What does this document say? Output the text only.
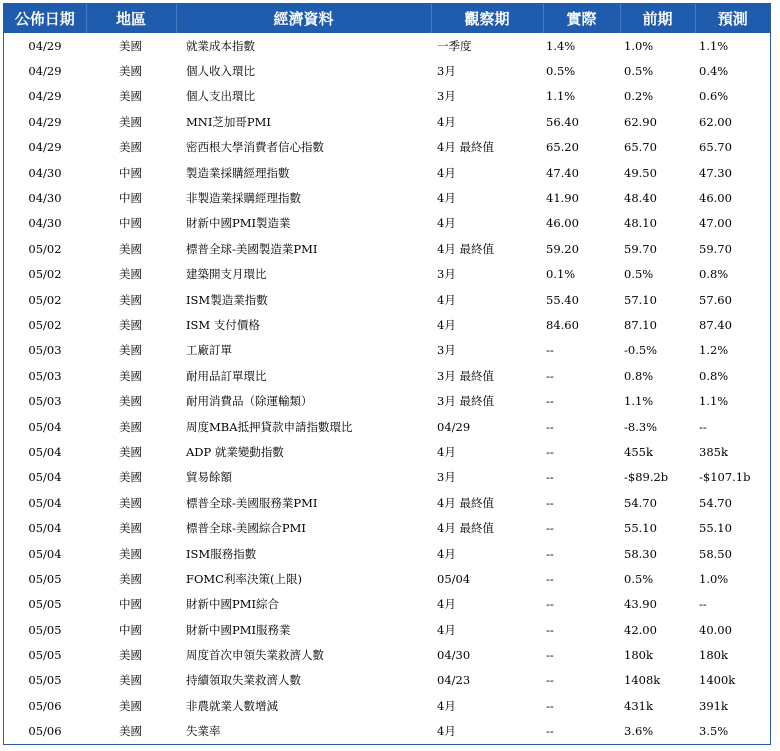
公佈日期	地區	經濟資料	觀察期	實際	前期	預測
04/29	美國	就業成本指數	一季度	1.4%	1.0%	1.1%
04/29	美國	個人收入環比	3月	0.5%	0.5%	0.4%
04/29	美國	個人支出環比	3月	1.1%	0.2%	0.6%
04/29	美國	MNI芝加哥PMI	4月	56.40	62.90	62.00
04/29	美國	密西根大學消費者信心指數	4月 最終值	65.20	65.70	65.70
04/30	中國	製造業採購經理指數	4月	47.40	49.50	47.30
04/30	中國	非製造業採購經理指數	4月	41.90	48.40	46.00
04/30	中國	財新中國PMI製造業	4月	46.00	48.10	47.00
05/02	美國	標普全球-美國製造業PMI	4月 最終值	59.20	59.70	59.70
05/02	美國	建築開支月環比	3月	0.1%	0.5%	0.8%
05/02	美國	ISM製造業指數	4月	55.40	57.10	57.60
05/02	美國	ISM 支付價格	4月	84.60	87.10	87.40
05/03	美國	工廠訂單	3月	--	-0.5%	1.2%
05/03	美國	耐用品訂單環比	3月 最終值	--	0.8%	0.8%
05/03	美國	耐用消費品（除運輸類）	3月 最終值	--	1.1%	1.1%
05/04	美國	周度MBA抵押貸款申請指數環比	04/29	--	-8.3%	--
05/04	美國	ADP 就業變動指數	4月	--	455k	385k
05/04	美國	貿易餘額	3月	--	-$89.2b	-$107.1b
05/04	美國	標普全球-美國服務業PMI	4月 最終值	--	54.70	54.70
05/04	美國	標普全球-美國綜合PMI	4月 最終值	--	55.10	55.10
05/04	美國	ISM服務指數	4月	--	58.30	58.50
05/05	美國	FOMC利率決策(上限)	05/04	--	0.5%	1.0%
05/05	中國	財新中國PMI綜合	4月	--	43.90	--
05/05	中國	財新中國PMI服務業	4月	--	42.00	40.00
05/05	美國	周度首次申領失業救濟人數	04/30	--	180k	180k
05/05	美國	持續領取失業救濟人數	04/23	--	1408k	1400k
05/06	美國	非農就業人數增減	4月	--	431k	391k
05/06	美國	失業率	4月	--	3.6%	3.5%
